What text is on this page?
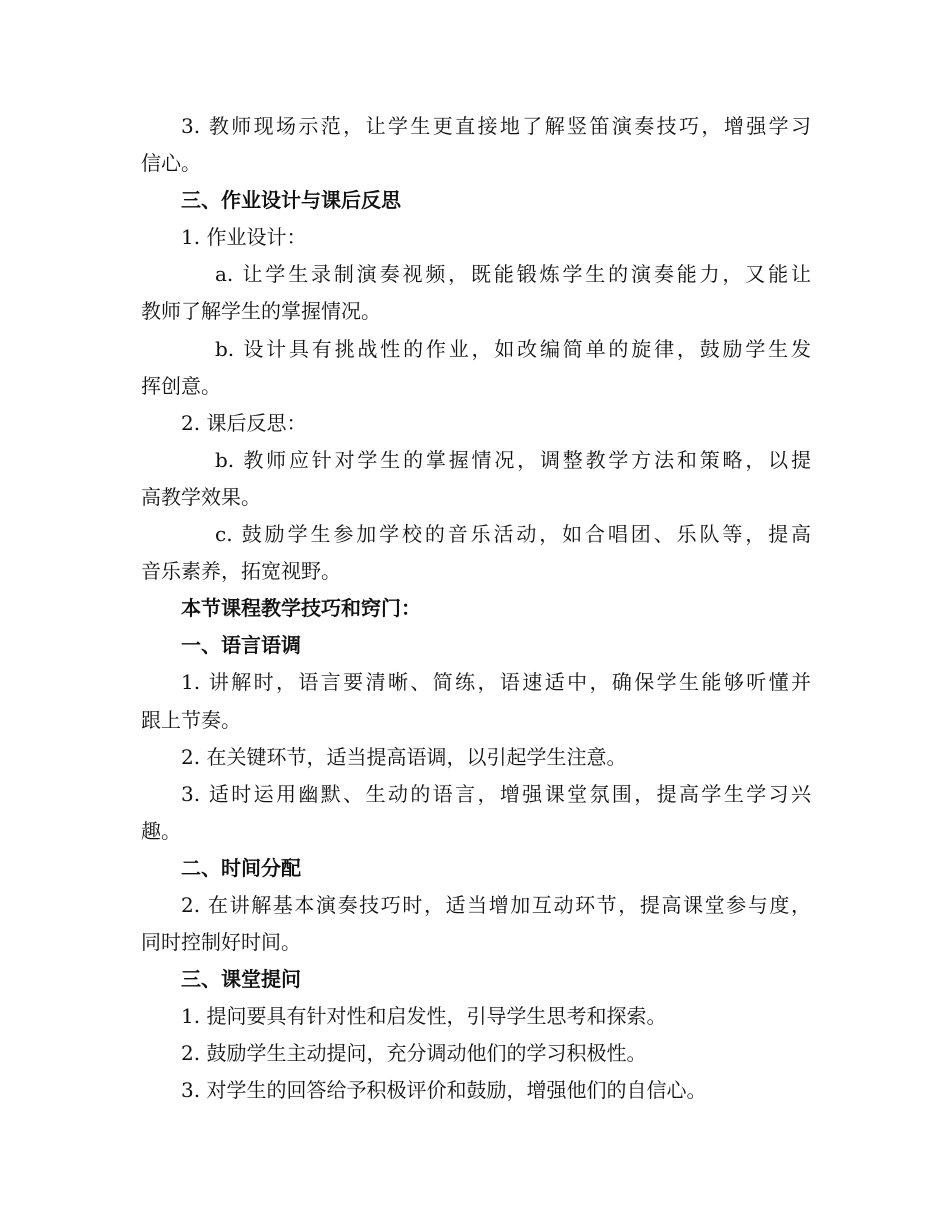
3. 教师现场示范，让学生更直接地了解竖笛演奏技巧，增强学习
信心。
三、作业设计与课后反思
1. 作业设计：
a. 让学生录制演奏视频，既能锻炼学生的演奏能力，又能让
教师了解学生的掌握情况。
b. 设计具有挑战性的作业，如改编简单的旋律，鼓励学生发
挥创意。
2. 课后反思：
b. 教师应针对学生的掌握情况，调整教学方法和策略，以提
高教学效果。
c. 鼓励学生参加学校的音乐活动，如合唱团、乐队等，提高
音乐素养，拓宽视野。
本节课程教学技巧和窍门：
一、语言语调
1. 讲解时，语言要清晰、简练，语速适中，确保学生能够听懂并
跟上节奏。
2. 在关键环节，适当提高语调，以引起学生注意。
3. 适时运用幽默、生动的语言，增强课堂氛围，提高学生学习兴
趣。
二、时间分配
2. 在讲解基本演奏技巧时，适当增加互动环节，提高课堂参与度，
同时控制好时间。
三、课堂提问
1. 提问要具有针对性和启发性，引导学生思考和探索。
2. 鼓励学生主动提问，充分调动他们的学习积极性。
3. 对学生的回答给予积极评价和鼓励，增强他们的自信心。
